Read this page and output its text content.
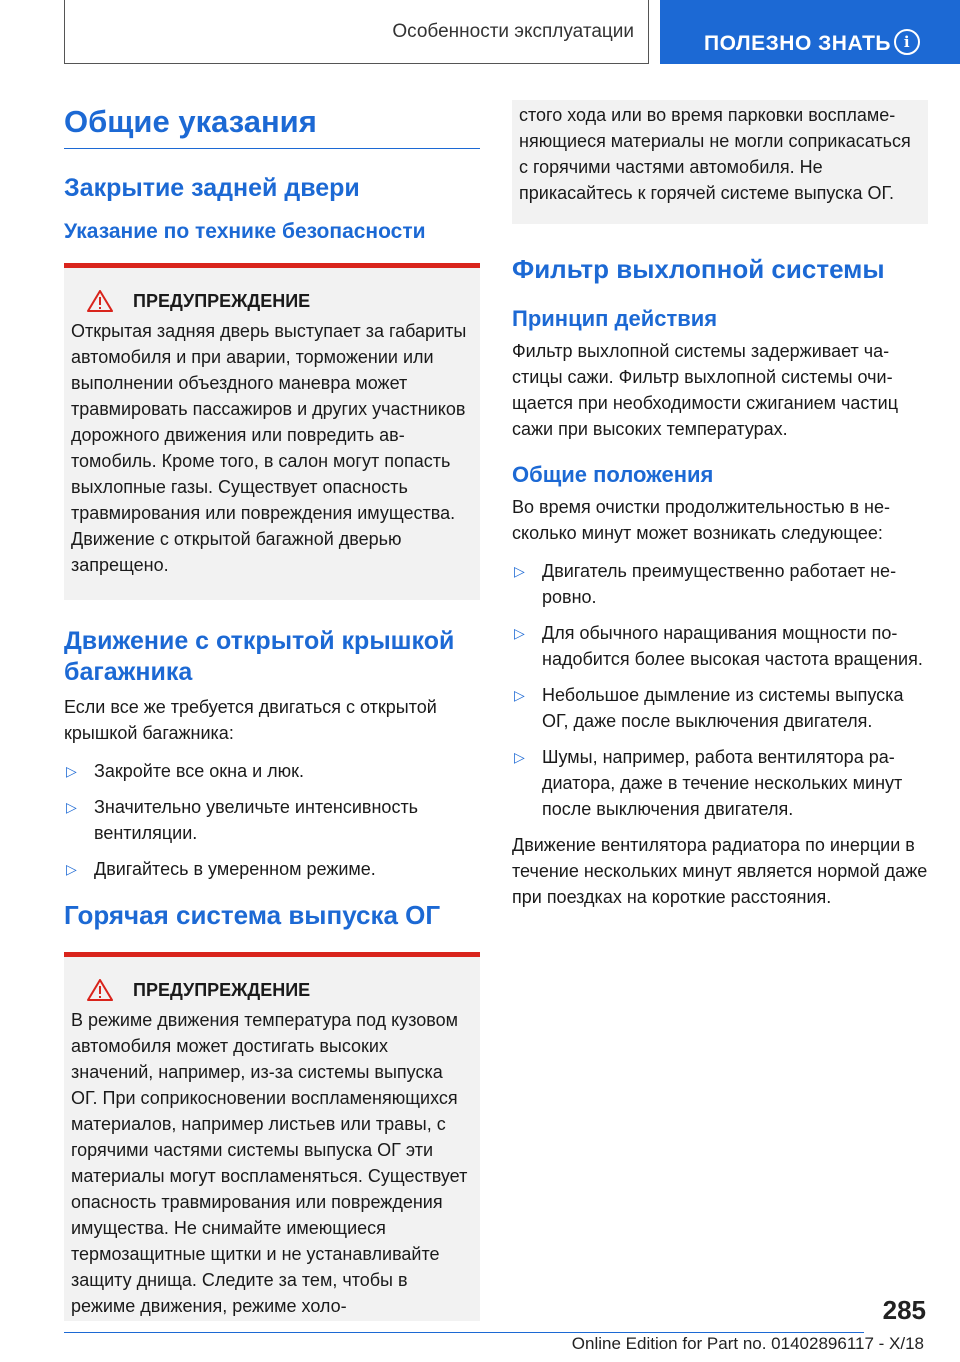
Особенности эксплуатации
ПОЛЕЗНО ЗНАТЬ i
Общие указания
Закрытие задней двери
Указание по технике безопасности
ПРЕДУПРЕЖДЕНИЕ

Открытая задняя дверь выступает за габариты автомобиля и при аварии, торможении или выполнении объездного маневра может травмировать пассажиров и других участников дорожного движения или повредить автомобиль. Кроме того, в салон могут попасть выхлопные газы. Существует опасность травмирования или повреждения имущества. Движение с открытой багажной дверью запрещено.

Движение с открытой крышкой багажника

Если все же требуется двигаться с открытой крышкой багажника:

▷ Закройте все окна и люк.
▷ Значительно увеличьте интенсивность вентиляции.
▷ Двигайтесь в умеренном режиме.
Горячая система выпуска ОГ
ПРЕДУПРЕЖДЕНИЕ

В режиме движения температура под кузовом автомобиля может достигать высоких значений, например, из-за системы выпуска ОГ. При соприкосновении воспламеняющихся материалов, например листьев или травы, с горячими частями системы выпуска ОГ эти материалы могут воспламеняться. Существует опасность травмирования или повреждения имущества. Не снимайте имеющиеся термозащитные щитки и не устанавливайте защиту днища. Следите за тем, чтобы в режиме движения, режиме холо-

стого хода или во время парковки воспламеняющиеся материалы не могли соприкасаться с горячими частями автомобиля. Не прикасайтесь к горячей системе выпуска ОГ.

Фильтр выхлопной системы
Принцип действия

Фильтр выхлопной системы задерживает частицы сажи. Фильтр выхлопной системы очищается при необходимости сжиганием частиц сажи при высоких температурах.

Общие положения

Во время очистки продолжительностью в несколько минут может возникать следующее:

▷ Двигатель преимущественно работает неровно.
▷ Для обычного наращивания мощности понадобится более высокая частота вращения.
▷ Небольшое дымление из системы выпуска ОГ, даже после выключения двигателя.
▷ Шумы, например, работа вентилятора радиатора, даже в течение нескольких минут после выключения двигателя.

Движение вентилятора радиатора по инерции в течение нескольких минут является нормой даже при поездках на короткие расстояния.

285
Online Edition for Part no. 01402896117 - X/18
